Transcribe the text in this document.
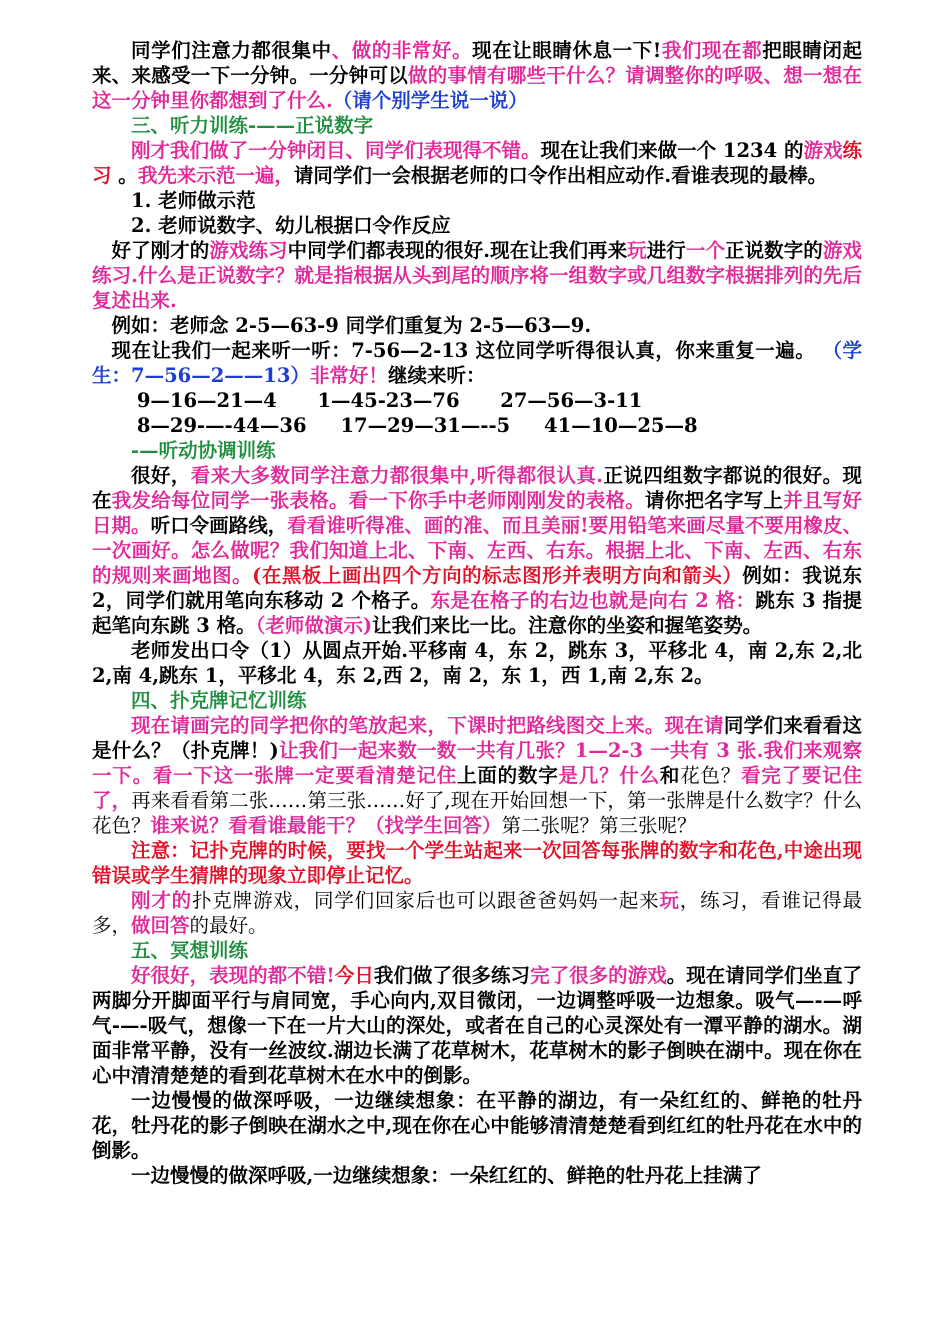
同学们注意力都很集中、做的非常好。现在让眼睛休息一下!我们现在都把眼睛闭起来、来感受一下一分钟。一分钟可以做的事情有哪些干什么？请调整你的呼吸、想一想在这一分钟里你都想到了什么.（请个别学生说一说）
三、听力训练-——正说数字
刚才我们做了一分钟闭目、同学们表现得不错。现在让我们来做一个 1234 的游戏练习 。我先来示范一遍，请同学们一会根据老师的口令作出相应动作.看谁表现的最棒。
1. 老师做示范
2. 老师说数字、幼儿根据口令作反应
好了刚才的游戏练习中同学们都表现的很好.现在让我们再来玩进行一个正说数字的游戏练习.什么是正说数字？就是指根据从头到尾的顺序将一组数字或几组数字根据排列的先后复述出来.
例如：老师念 2-5—63-9 同学们重复为 2-5—63—9.
现在让我们一起来听一听：7-56—2-13 这位同学听得很认真，你来重复一遍。 （学生：7—56—2——13）非常好！继续来听：
9—16—21—4      1—45-23—76      27—56—3-11
8—29-—-44—36     17—29—31—--5     41—10—25—8
-—听动协调训练
很好，看来大多数同学注意力都很集中,听得都很认真.正说四组数字都说的很好。现在我发给每位同学一张表格。看一下你手中老师刚刚发的表格。请你把名字写上并且写好日期。听口令画路线，看看谁听得准、画的准、而且美丽!要用铅笔来画尽量不要用橡皮、一次画好。怎么做呢？我们知道上北、下南、左西、右东。根据上北、下南、左西、右东的规则来画地图。(在黑板上画出四个方向的标志图形并表明方向和箭头）例如：我说东 2，同学们就用笔向东移动 2 个格子。东是在格子的右边也就是向右 2 格：跳东 3 指提起笔向东跳 3 格。（老师做演示)让我们来比一比。注意你的坐姿和握笔姿势。
老师发出口令（1）从圆点开始.平移南 4，东 2，跳东 3，平移北 4，南 2,东 2,北 2,南 4,跳东 1，平移北 4，东 2,西 2，南 2，东 1，西 1,南 2,东 2。
四、扑克牌记忆训练
现在请画完的同学把你的笔放起来，下课时把路线图交上来。现在请同学们来看看这是什么？（扑克牌！)让我们一起来数一数一共有几张？1—2-3 一共有 3 张.我们来观察一下。看一下这一张牌一定要看清楚记住上面的数字是几？什么和花色？看完了要记住了，再来看看第二张……第三张……好了,现在开始回想一下，第一张牌是什么数字？什么花色？谁来说？看看谁最能干？（找学生回答）第二张呢？第三张呢？
注意：记扑克牌的时候，要找一个学生站起来一次回答每张牌的数字和花色,中途出现错误或学生猜牌的现象立即停止记忆。
刚才的扑克牌游戏，同学们回家后也可以跟爸爸妈妈一起来玩，练习，看谁记得最多，做回答的最好。
五、冥想训练
好很好，表现的都不错!今日我们做了很多练习完了很多的游戏。现在请同学们坐直了两脚分开脚面平行与肩同宽，手心向内,双目微闭，一边调整呼吸一边想象。吸气—-—呼气-—-吸气，想像一下在一片大山的深处，或者在自己的心灵深处有一潭平静的湖水。湖面非常平静，没有一丝波纹.湖边长满了花草树木，花草树木的影子倒映在湖中。现在你在心中清清楚楚的看到花草树木在水中的倒影。
一边慢慢的做深呼吸，一边继续想象：在平静的湖边，有一朵红红的、鲜艳的牡丹花，牡丹花的影子倒映在湖水之中,现在你在心中能够清清楚楚看到红红的牡丹花在水中的倒影。
一边慢慢的做深呼吸,一边继续想象：一朵红红的、鲜艳的牡丹花上挂满了
